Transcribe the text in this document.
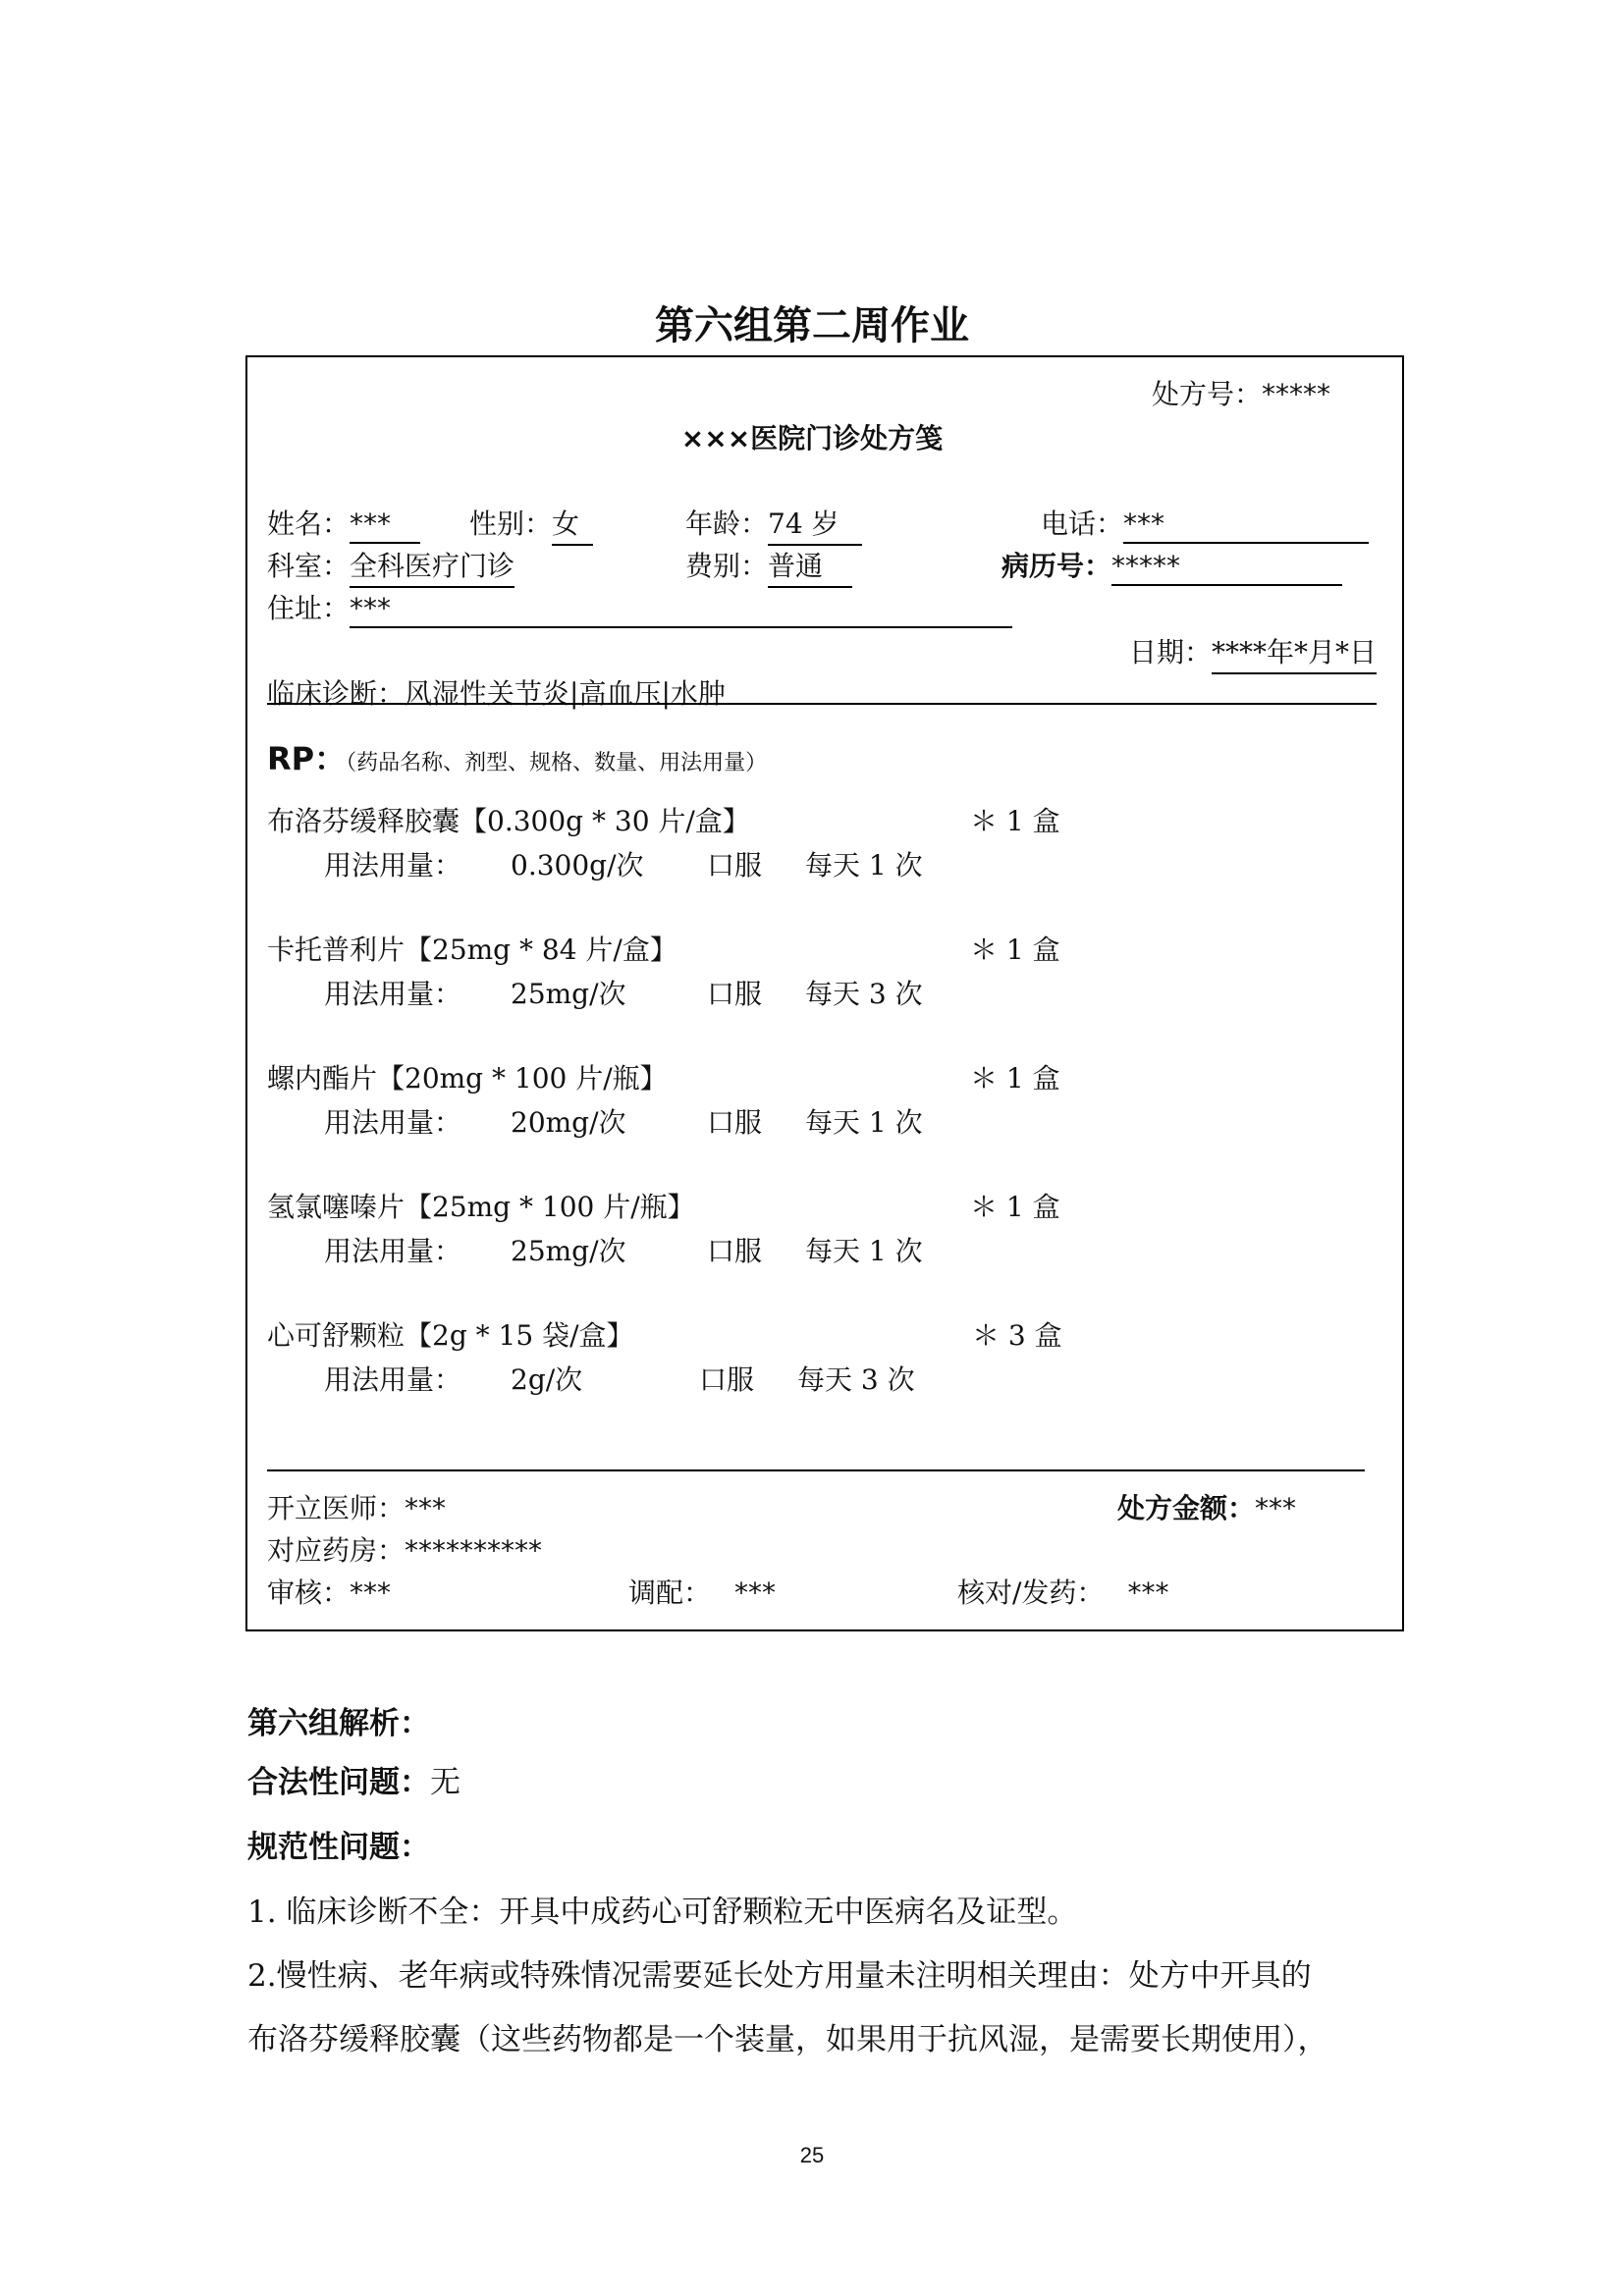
第六组第二周作业
处方号：*****
×××医院门诊处方笺
姓名：***	性别：女	年龄：74 岁	电话：***
科室：全科医疗门诊	费别：普通	病历号：*****
住址：***
日期：****年*月*日
临床诊断：风湿性关节炎|高血压|水肿
RP：（药品名称、剂型、规格、数量、用法用量）
布洛芬缓释胶囊【0.300g * 30 片/盒】	＊ 1 盒
用法用量： 0.300g/次 口服 每天 1 次
卡托普利片【25mg * 84 片/盒】	＊ 1 盒
用法用量： 25mg/次	口服 每天 3 次
螺内酯片【20mg * 100 片/瓶】	＊ 1 盒
用法用量： 20mg/次	口服 每天 1 次
氢氯噻嗪片【25mg * 100 片/瓶】	＊ 1 盒
用法用量： 25mg/次	口服 每天 1 次
心可舒颗粒【2g * 15 袋/盒】	＊ 3 盒
用法用量： 2g/次	口服 每天 3 次
开立医师：***	处方金额：***
对应药房：**********
审核：***	调配： ***	核对/发药： ***
第六组解析：
合法性问题：无
规范性问题：
1. 临床诊断不全：开具中成药心可舒颗粒无中医病名及证型。
2.慢性病、老年病或特殊情况需要延长处方用量未注明相关理由：处方中开具的
布洛芬缓释胶囊（这些药物都是一个装量，如果用于抗风湿，是需要长期使用），
25
